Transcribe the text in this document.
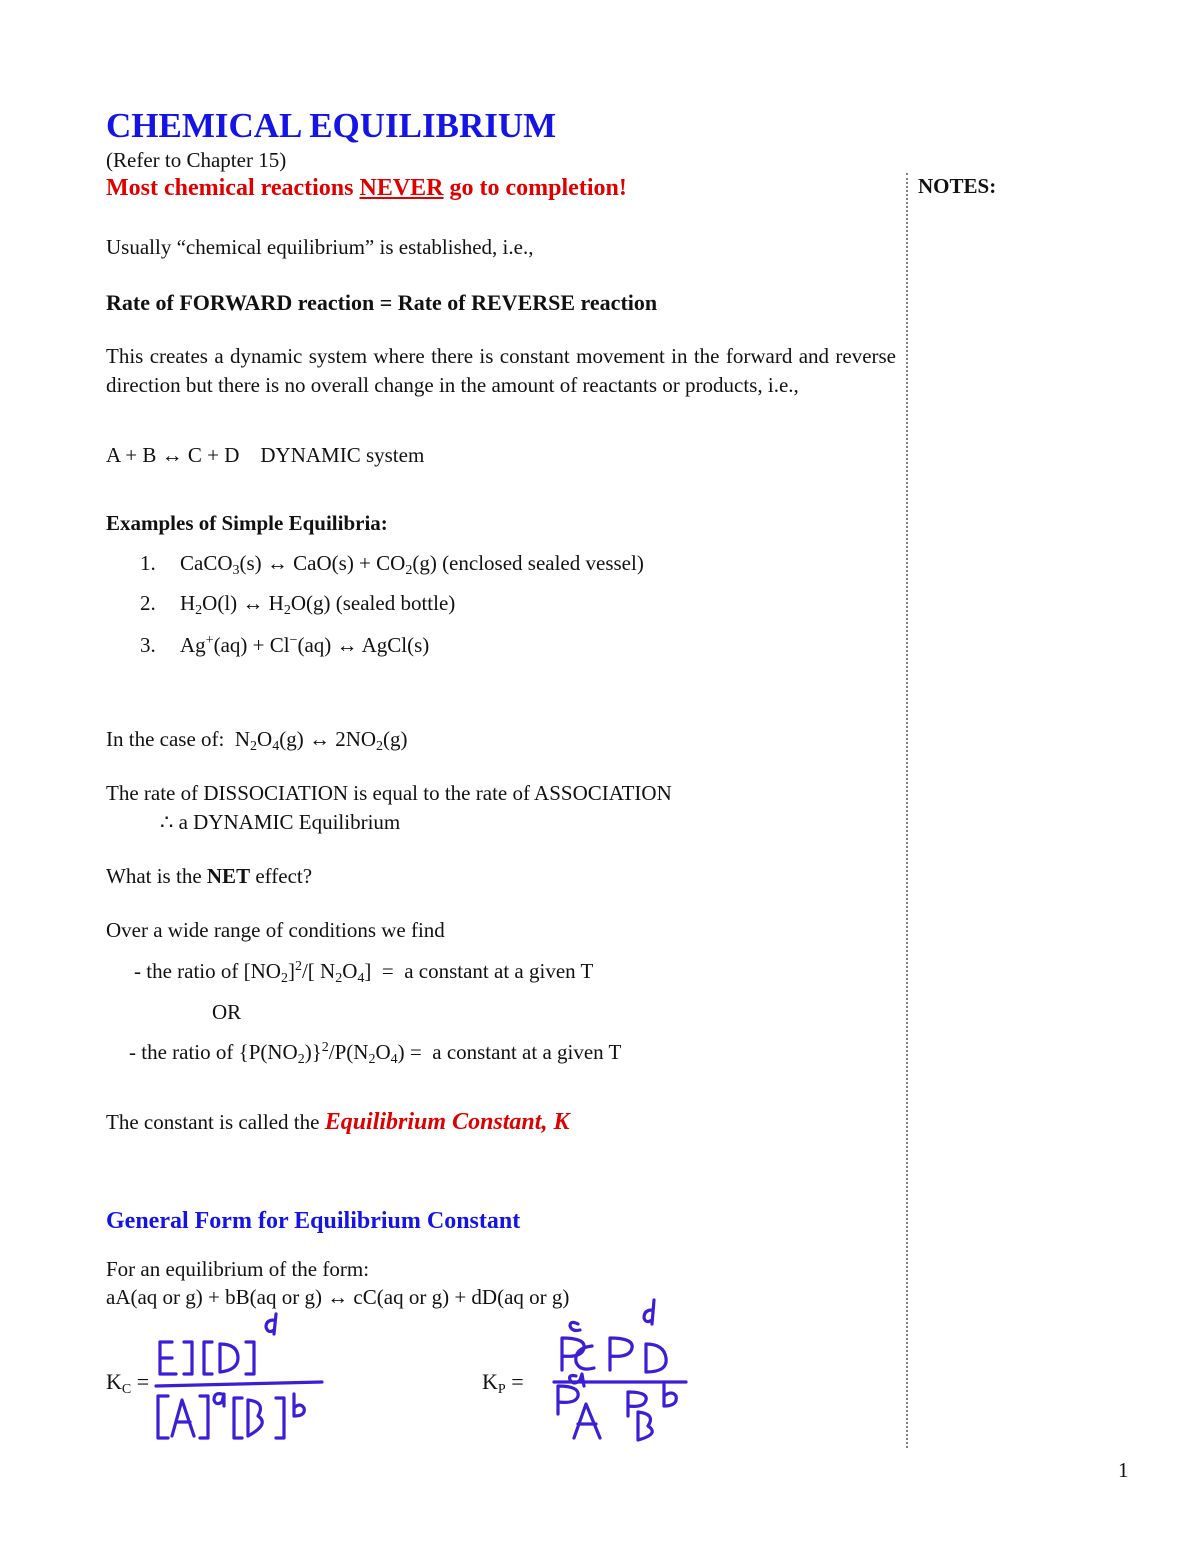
CHEMICAL EQUILIBRIUM
(Refer to Chapter 15)
Most chemical reactions NEVER go to completion!
Usually “chemical equilibrium” is established, i.e.,
Rate of FORWARD reaction = Rate of REVERSE reaction
This creates a dynamic system where there is constant movement in the forward and reverse direction but there is no overall change in the amount of reactants or products, i.e.,
A + B ↔ C + D    DYNAMIC system
Examples of Simple Equilibria:
1. CaCO$_3$(s) ↔ $CaO(s) + CO_2(g)$ (enclosed sealed vessel)
2. $H_2O(l)$ ↔ $H_2O(g)$ (sealed bottle)
3. Ag+(aq) + Cl−(aq) ↔ AgCl(s)
In the case of:  $N_2O_4(g)$ ↔ $2NO_2(g)$
The rate of DISSOCIATION is equal to the rate of ASSOCIATION
∴ a DYNAMIC Equilibrium
What is the NET effect?
Over a wide range of conditions we find
- the ratio of $[NO_2]^2/$[ $N_2O_4] = a$ constant at a given T
OR
- the ratio of $\{P(NO_2)\}^2/P(N_2O_4) = a$ constant at a given T
The constant is called the Equilibrium Constant, K
General Form for Equilibrium Constant
For an equilibrium of the form:
aA(aq or g) + bB(aq or g) ↔ cC(aq or g) + dD(aq or g)
$K_C$ =	$K_P$ =
NOTES:
1
